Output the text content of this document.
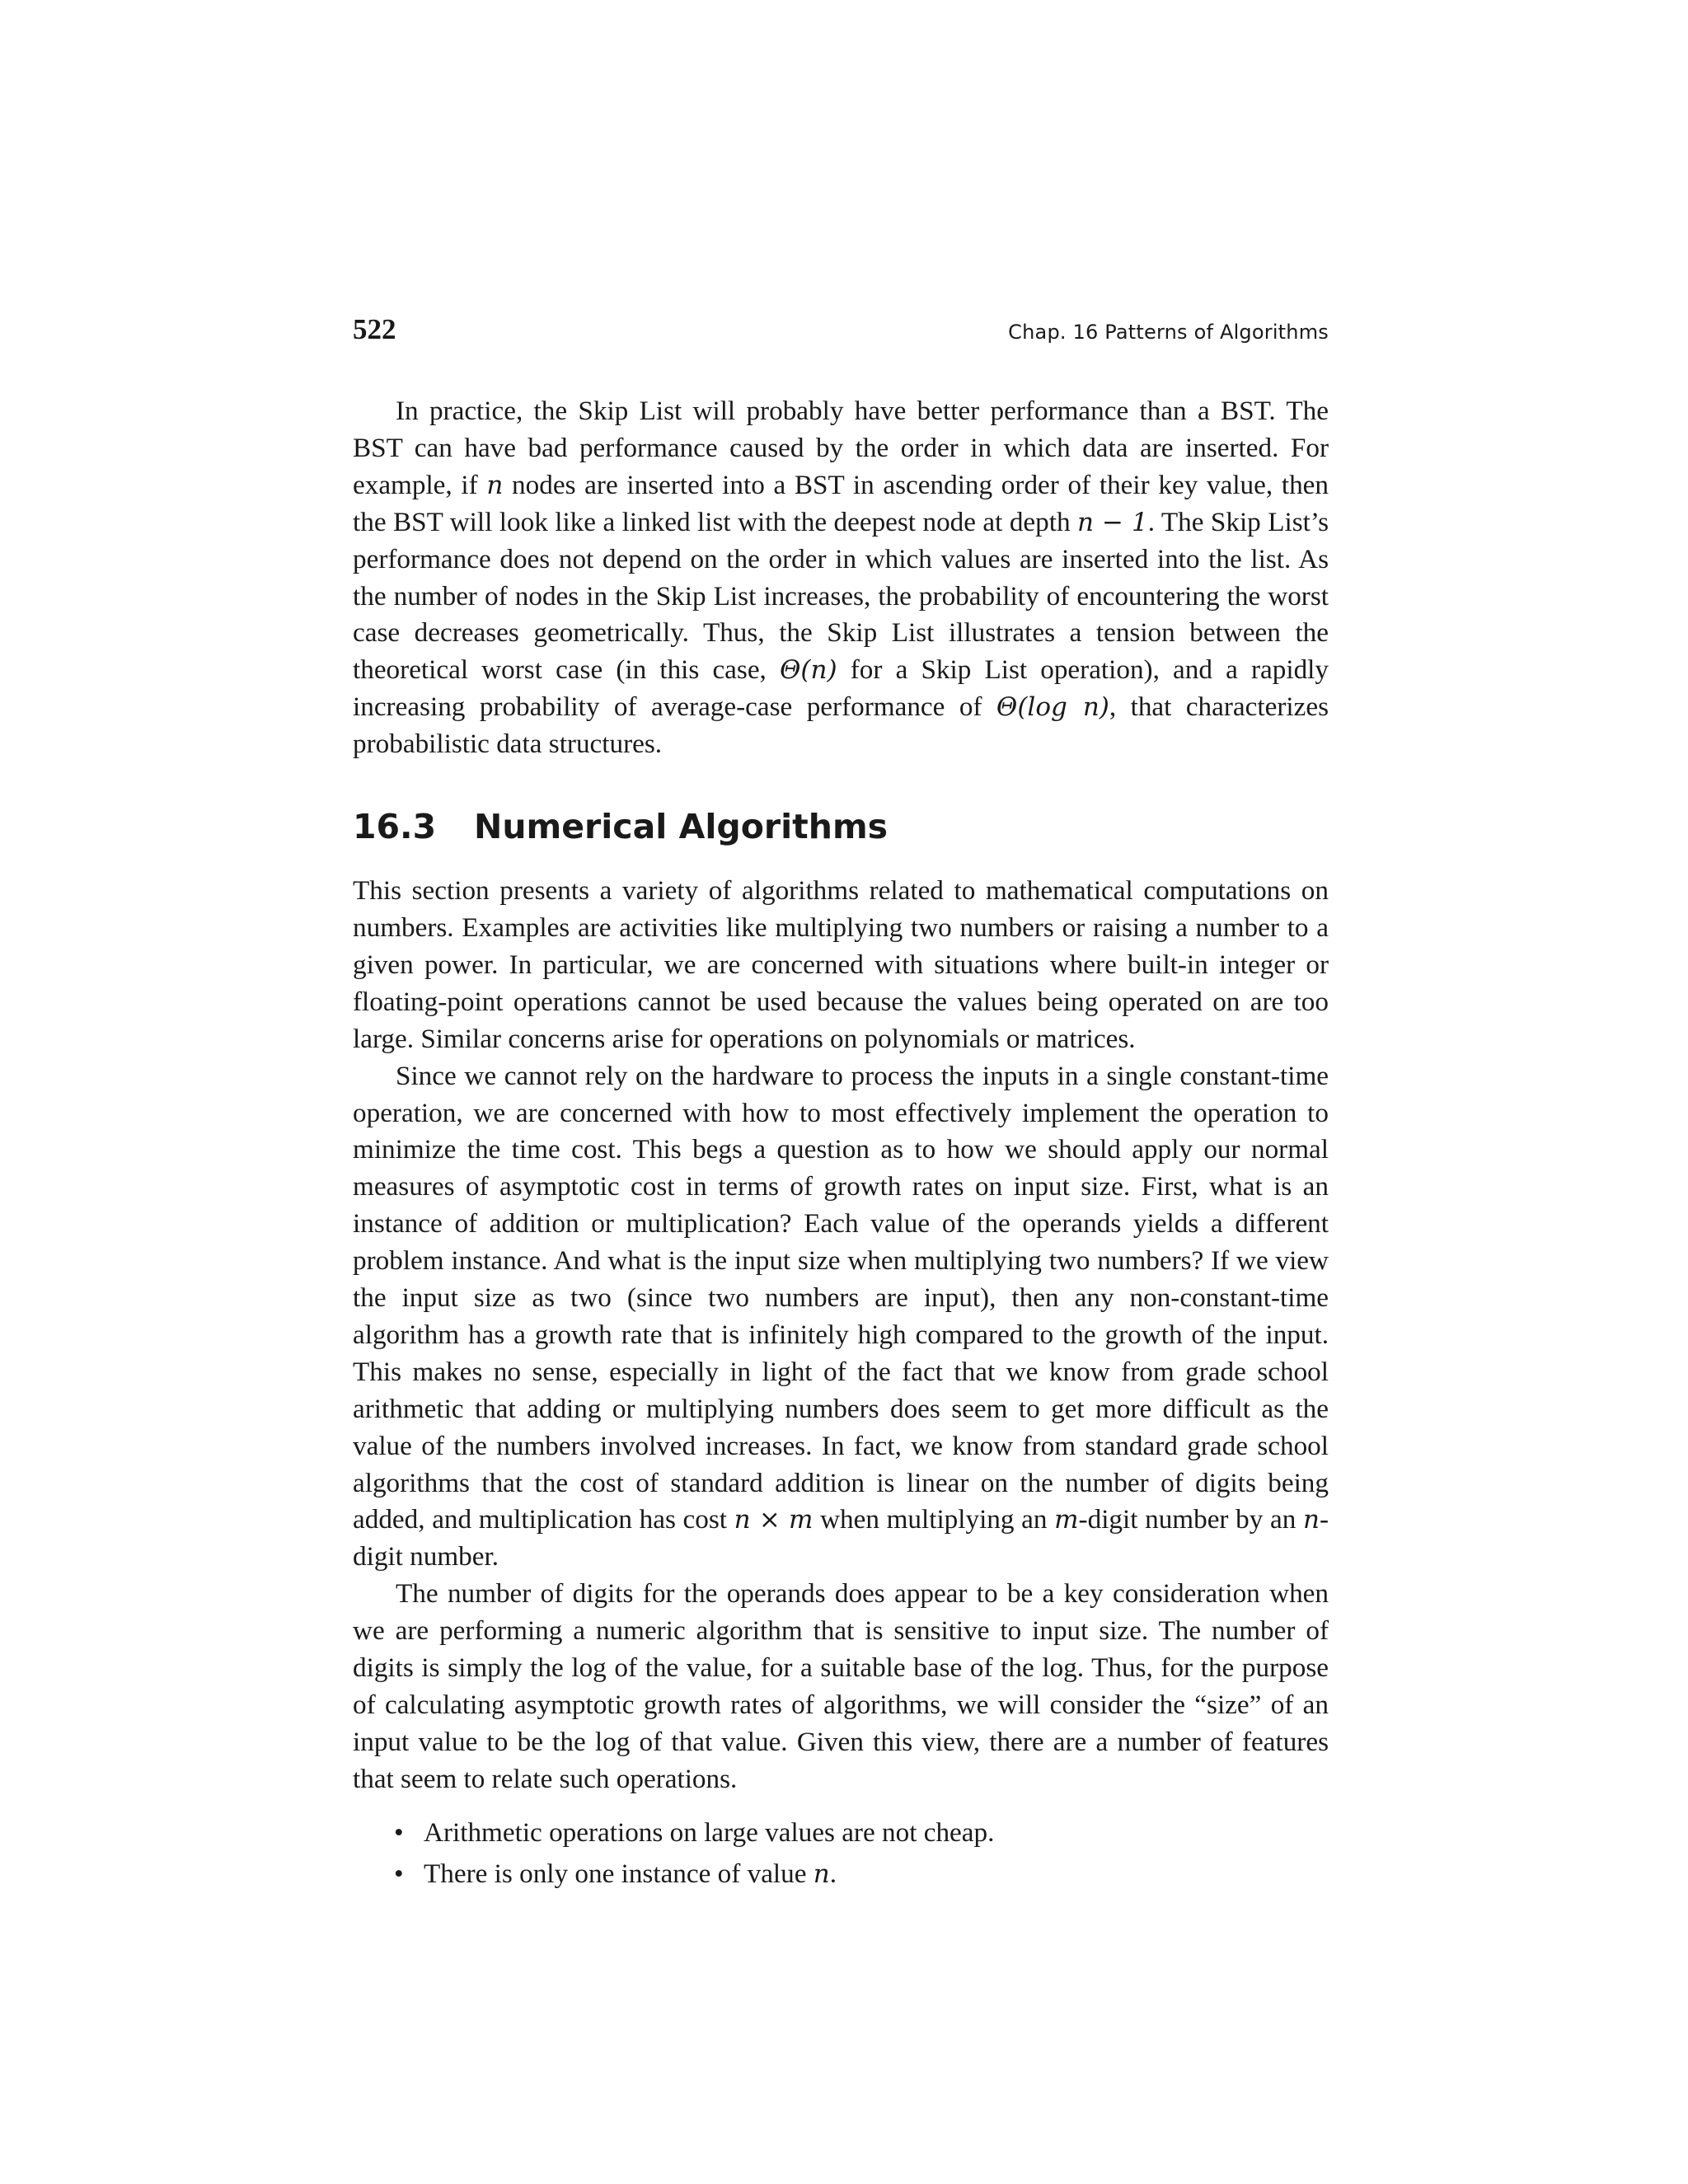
522	Chap. 16 Patterns of Algorithms

In practice, the Skip List will probably have better performance than a BST. The BST can have bad performance caused by the order in which data are inserted. For example, if n nodes are inserted into a BST in ascending order of their key value, then the BST will look like a linked list with the deepest node at depth n − 1. The Skip List’s performance does not depend on the order in which values are inserted into the list. As the number of nodes in the Skip List increases, the probability of encountering the worst case decreases geometrically. Thus, the Skip List illustrates a tension between the theoretical worst case (in this case, Θ(n) for a Skip List operation), and a rapidly increasing probability of average-case performance of Θ(log n), that characterizes probabilistic data structures.

16.3	Numerical Algorithms

This section presents a variety of algorithms related to mathematical computations on numbers. Examples are activities like multiplying two numbers or raising a number to a given power. In particular, we are concerned with situations where built-in integer or floating-point operations cannot be used because the values being operated on are too large. Similar concerns arise for operations on polynomials or matrices.

Since we cannot rely on the hardware to process the inputs in a single constant-time operation, we are concerned with how to most effectively implement the operation to minimize the time cost. This begs a question as to how we should apply our normal measures of asymptotic cost in terms of growth rates on input size. First, what is an instance of addition or multiplication? Each value of the operands yields a different problem instance. And what is the input size when multiplying two numbers? If we view the input size as two (since two numbers are input), then any non-constant-time algorithm has a growth rate that is infinitely high compared to the growth of the input. This makes no sense, especially in light of the fact that we know from grade school arithmetic that adding or multiplying numbers does seem to get more difficult as the value of the numbers involved increases. In fact, we know from standard grade school algorithms that the cost of standard addition is linear on the number of digits being added, and multiplication has cost n × m when multiplying an m-digit number by an n-digit number.

The number of digits for the operands does appear to be a key consideration when we are performing a numeric algorithm that is sensitive to input size. The number of digits is simply the log of the value, for a suitable base of the log. Thus, for the purpose of calculating asymptotic growth rates of algorithms, we will consider the “size” of an input value to be the log of that value. Given this view, there are a number of features that seem to relate such operations.

• Arithmetic operations on large values are not cheap.
• There is only one instance of value n.
